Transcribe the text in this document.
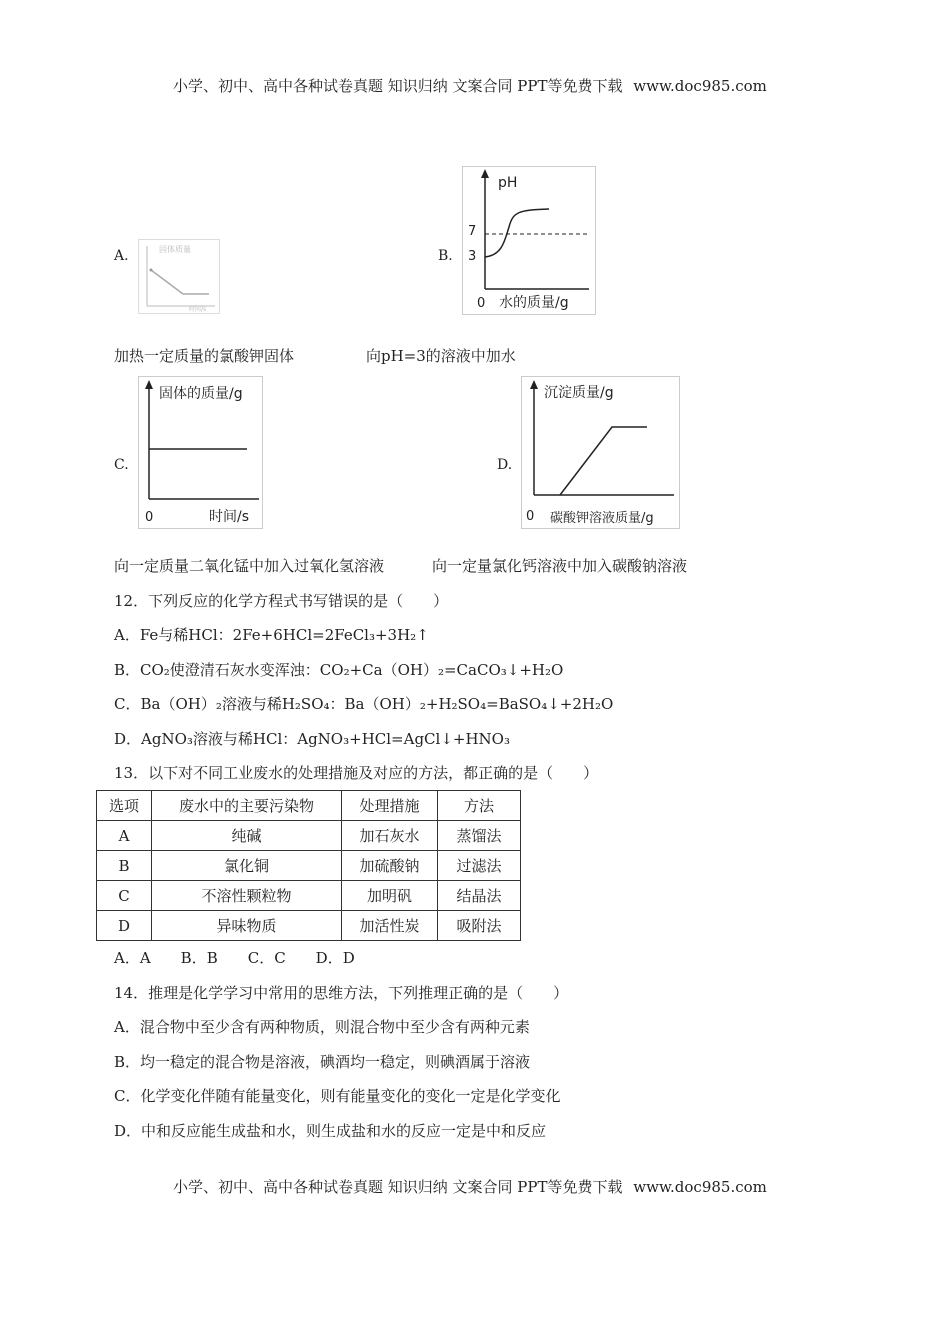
小学、初中、高中各种试卷真题 知识归纳 文案合同 PPT等免费下载 www.doc985.com
A.	固体质量
时间/s
B.
pH
7
3
0 水的质量/g
加热一定质量的氯酸钾固体	向pH=3的溶液中加水
C.
固体的质量/g
0	时间/s
D.
沉淀质量/g
0 碳酸钾溶液质量/g
向一定质量二氧化锰中加入过氧化氢溶液	向一定量氯化钙溶液中加入碳酸钠溶液
12．下列反应的化学方程式书写错误的是（　　）
A．Fe与稀HCl：2Fe+6HCl=2FeCl₃+3H₂↑
B．CO₂使澄清石灰水变浑浊：CO₂+Ca（OH）₂=CaCO₃↓+H₂O
C．Ba（OH）₂溶液与稀H₂SO₄：Ba（OH）₂+H₂SO₄=BaSO₄↓+2H₂O
D．AgNO₃溶液与稀HCl：AgNO₃+HCl=AgCl↓+HNO₃
13．以下对不同工业废水的处理措施及对应的方法，都正确的是（　　）
选项	废水中的主要污染物	处理措施	方法
A	纯碱	加石灰水	蒸馏法
B	氯化铜	加硫酸钠	过滤法
C	不溶性颗粒物	加明矾	结晶法
D	异味物质	加活性炭	吸附法
A．A　　B．B　　C．C　　D．D
14．推理是化学学习中常用的思维方法，下列推理正确的是（　　）
A．混合物中至少含有两种物质，则混合物中至少含有两种元素
B．均一稳定的混合物是溶液，碘酒均一稳定，则碘酒属于溶液
C．化学变化伴随有能量变化，则有能量变化的变化一定是化学变化
D．中和反应能生成盐和水，则生成盐和水的反应一定是中和反应
小学、初中、高中各种试卷真题 知识归纳 文案合同 PPT等免费下载 www.doc985.com
